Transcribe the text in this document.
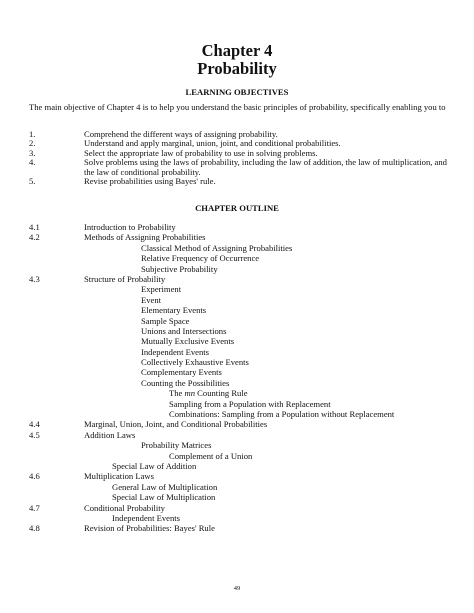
Chapter 4
Probability
LEARNING OBJECTIVES
The main objective of Chapter 4 is to help you understand the basic principles of probability, specifically enabling you to
1.	Comprehend the different ways of assigning probability.
2.	Understand and apply marginal, union, joint, and conditional probabilities.
3.	Select the appropriate law of probability to use in solving problems.
4.	Solve problems using the laws of probability, including the law of addition, the law of multiplication, and the law of conditional probability.
5.	Revise probabilities using Bayes' rule.
CHAPTER OUTLINE
4.1	Introduction to Probability
4.2	Methods of Assigning Probabilities
Classical Method of Assigning Probabilities
Relative Frequency of Occurrence
Subjective Probability
4.3	Structure of Probability
Experiment
Event
Elementary Events
Sample Space
Unions and Intersections
Mutually Exclusive Events
Independent Events
Collectively Exhaustive Events
Complementary Events
Counting the Possibilities
The mn Counting Rule
Sampling from a Population with Replacement
Combinations: Sampling from a Population without Replacement
4.4	Marginal, Union, Joint, and Conditional Probabilities
4.5	Addition Laws
Probability Matrices
Complement of a Union
Special Law of Addition
4.6	Multiplication Laws
General Law of Multiplication
Special Law of Multiplication
4.7	Conditional Probability
Independent Events
4.8	Revision of Probabilities: Bayes' Rule
49
